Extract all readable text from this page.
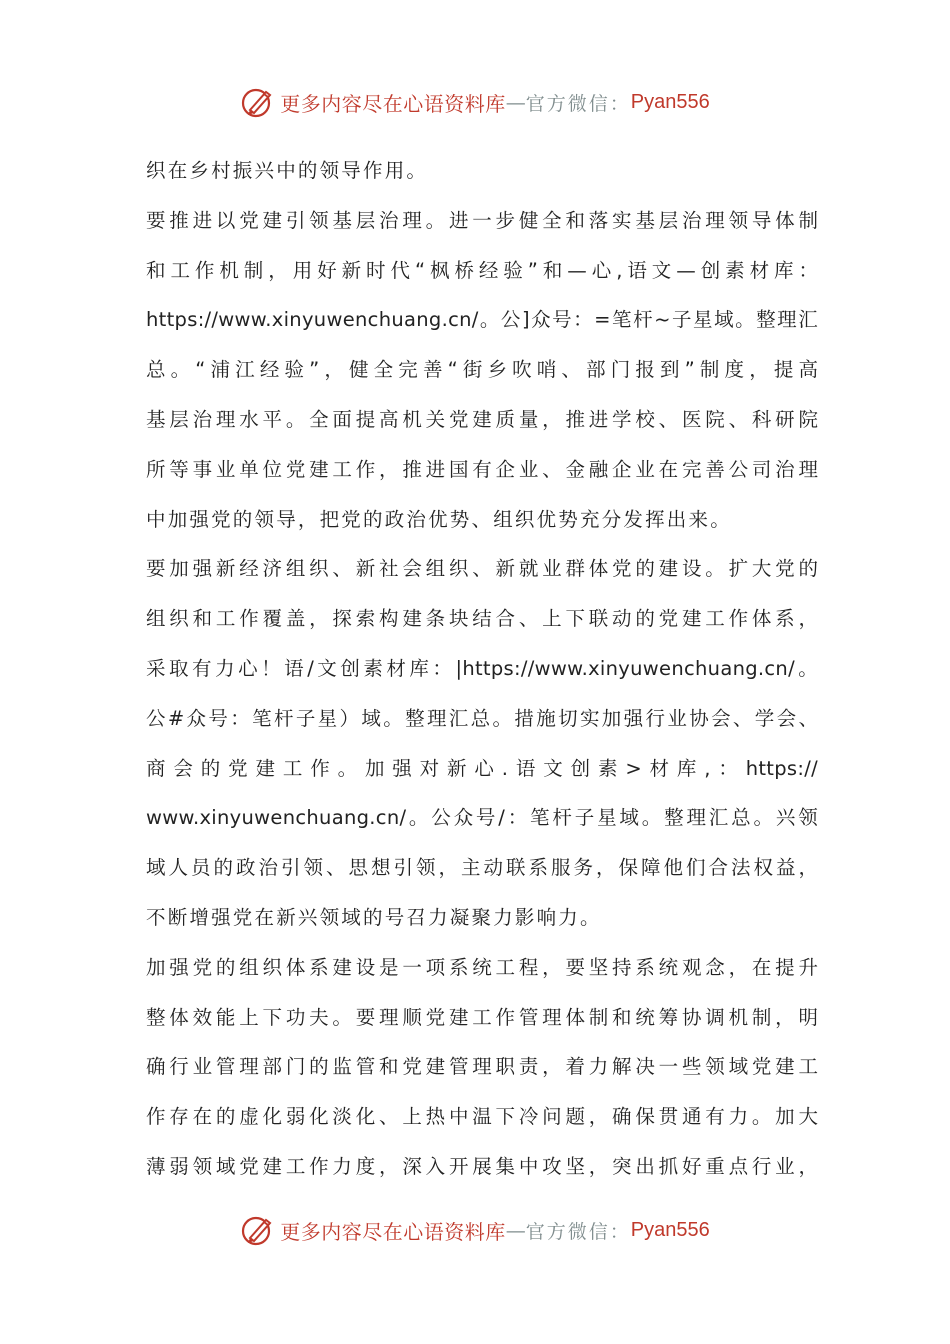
更多内容尽在心语资料库 — 官方微信： Pyan556
织在乡村振兴中的领导作用。
要推进以党建引领基层治理。进一步健全和落实基层治理领导体制
和工作机制，用好新时代“枫桥经验”和—心,语文—创素材库：
https://www.xinyuwenchuang.cn/。公]众号：=笔杆~子星域。整理汇
总。“浦江经验”，健全完善“街乡吹哨、部门报到”制度，提高
基层治理水平。全面提高机关党建质量，推进学校、医院、科研院
所等事业单位党建工作，推进国有企业、金融企业在完善公司治理
中加强党的领导，把党的政治优势、组织优势充分发挥出来。
要加强新经济组织、新社会组织、新就业群体党的建设。扩大党的
组织和工作覆盖，探索构建条块结合、上下联动的党建工作体系，
采取有力心！语/文创素材库：|https://www.xinyuwenchuang.cn/。
公#众号：笔杆子星）域。整理汇总。措施切实加强行业协会、学会、
商会的党建工作。加强对新心.语文创素>材库,：https://
www.xinyuwenchuang.cn/。公众号/：笔杆子星域。整理汇总。兴领
域人员的政治引领、思想引领，主动联系服务，保障他们合法权益，
不断增强党在新兴领域的号召力凝聚力影响力。
加强党的组织体系建设是一项系统工程，要坚持系统观念，在提升
整体效能上下功夫。要理顺党建工作管理体制和统筹协调机制，明
确行业管理部门的监管和党建管理职责，着力解决一些领域党建工
作存在的虚化弱化淡化、上热中温下冷问题，确保贯通有力。加大
薄弱领域党建工作力度，深入开展集中攻坚，突出抓好重点行业，
更多内容尽在心语资料库 — 官方微信： Pyan556
